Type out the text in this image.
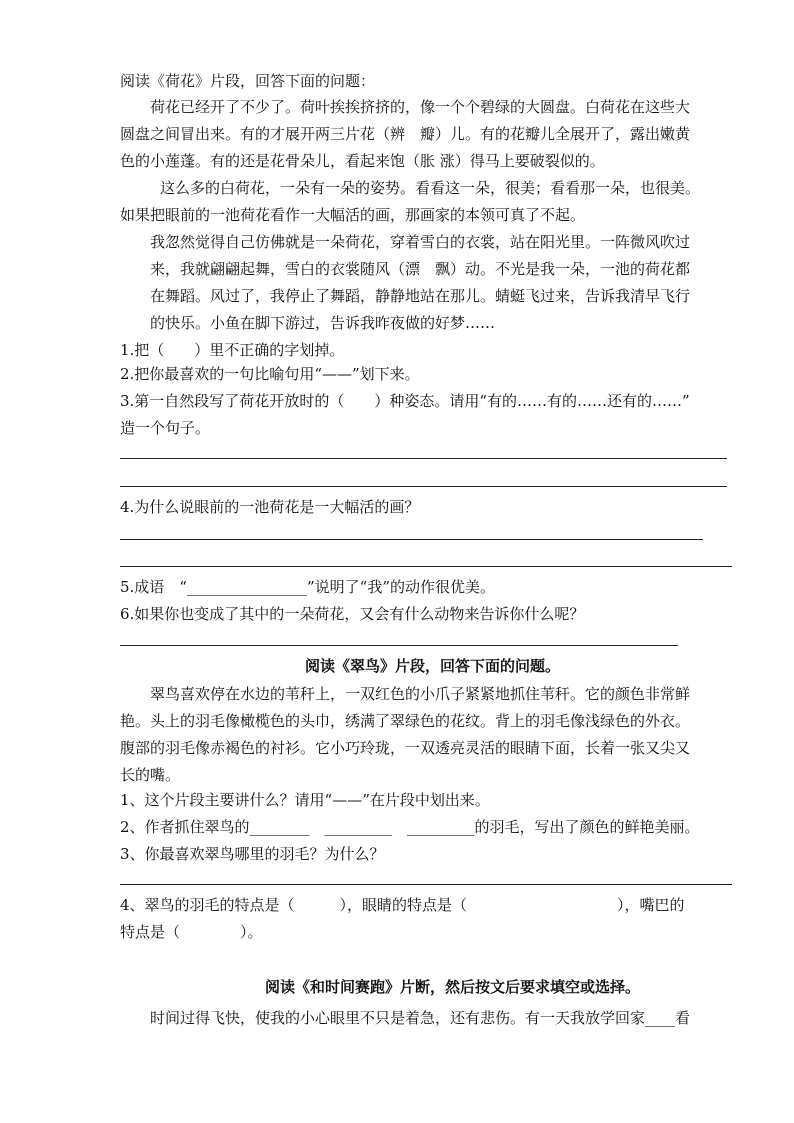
阅读《荷花》片段，回答下面的问题：
荷花已经开了不少了。荷叶挨挨挤挤的，像一个个碧绿的大圆盘。白荷花在这些大
圆盘之间冒出来。有的才展开两三片花（辨　瓣）儿。有的花瓣儿全展开了，露出嫩黄
色的小莲蓬。有的还是花骨朵儿，看起来饱（胀 涨）得马上要破裂似的。
这么多的白荷花，一朵有一朵的姿势。看看这一朵，很美；看看那一朵，也很美。
如果把眼前的一池荷花看作一大幅活的画，那画家的本领可真了不起。
我忽然觉得自己仿佛就是一朵荷花，穿着雪白的衣裳，站在阳光里。一阵微风吹过
来，我就翩翩起舞，雪白的衣裳随风（漂　飘）动。不光是我一朵，一池的荷花都
在舞蹈。风过了，我停止了舞蹈，静静地站在那儿。蜻蜓飞过来，告诉我清早飞行
的快乐。小鱼在脚下游过，告诉我昨夜做的好梦……
1.把（　　）里不正确的字划掉。
2.把你最喜欢的一句比喻句用“——”划下来。
3.第一自然段写了荷花开放时的（　　）种姿态。请用“有的……有的……还有的……”
造一个句子。
4.为什么说眼前的一池荷花是一大幅活的画？
5.成语　“________________”说明了“我”的动作很优美。
6.如果你也变成了其中的一朵荷花，又会有什么动物来告诉你什么呢？
阅读《翠鸟》片段，回答下面的问题。
翠鸟喜欢停在水边的苇秆上，一双红色的小爪子紧紧地抓住苇秆。它的颜色非常鲜
艳。头上的羽毛像橄榄色的头巾，绣满了翠绿色的花纹。背上的羽毛像浅绿色的外衣。
腹部的羽毛像赤褐色的衬衫。它小巧玲珑，一双透亮灵活的眼睛下面，长着一张又尖又
长的嘴。
1、这个片段主要讲什么？请用“——”在片段中划出来。
2、作者抓住翠鸟的________　_________　_________的羽毛，写出了颜色的鲜艳美丽。
3、你最喜欢翠鸟哪里的羽毛？为什么？
4、翠鸟的羽毛的特点是（　　　），眼睛的特点是（　　　　　　　　　　），嘴巴的
特点是（　　　　）。
阅读《和时间赛跑》片断，然后按文后要求填空或选择。
时间过得飞快，使我的小心眼里不只是着急，还有悲伤。有一天我放学回家____看
